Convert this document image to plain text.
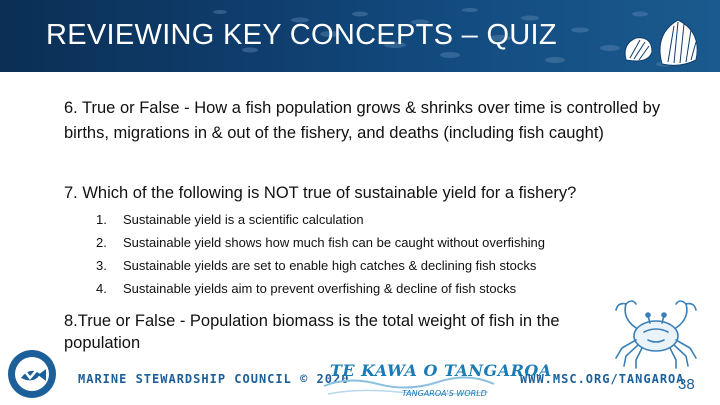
REVIEWING KEY CONCEPTS – QUIZ
6. True or False - How a fish population grows & shrinks over time is controlled by births, migrations in & out of the fishery, and deaths (including fish caught)
7. Which of the following is NOT true of sustainable yield for a fishery?
1.	Sustainable yield is a scientific calculation
2.	Sustainable yield shows how much fish can be caught without overfishing
3.	Sustainable yields are set to enable high catches & declining fish stocks
4.	Sustainable yields aim to prevent overfishing & decline of fish stocks
8.True or False - Population biomass is the total weight of fish in the population
MARINE STEWARDSHIP COUNCIL © 2020
TE KAWA O TANGAROA
TANGAROA'S WORLD
WWW.MSC.ORG/TANGAROA
38
